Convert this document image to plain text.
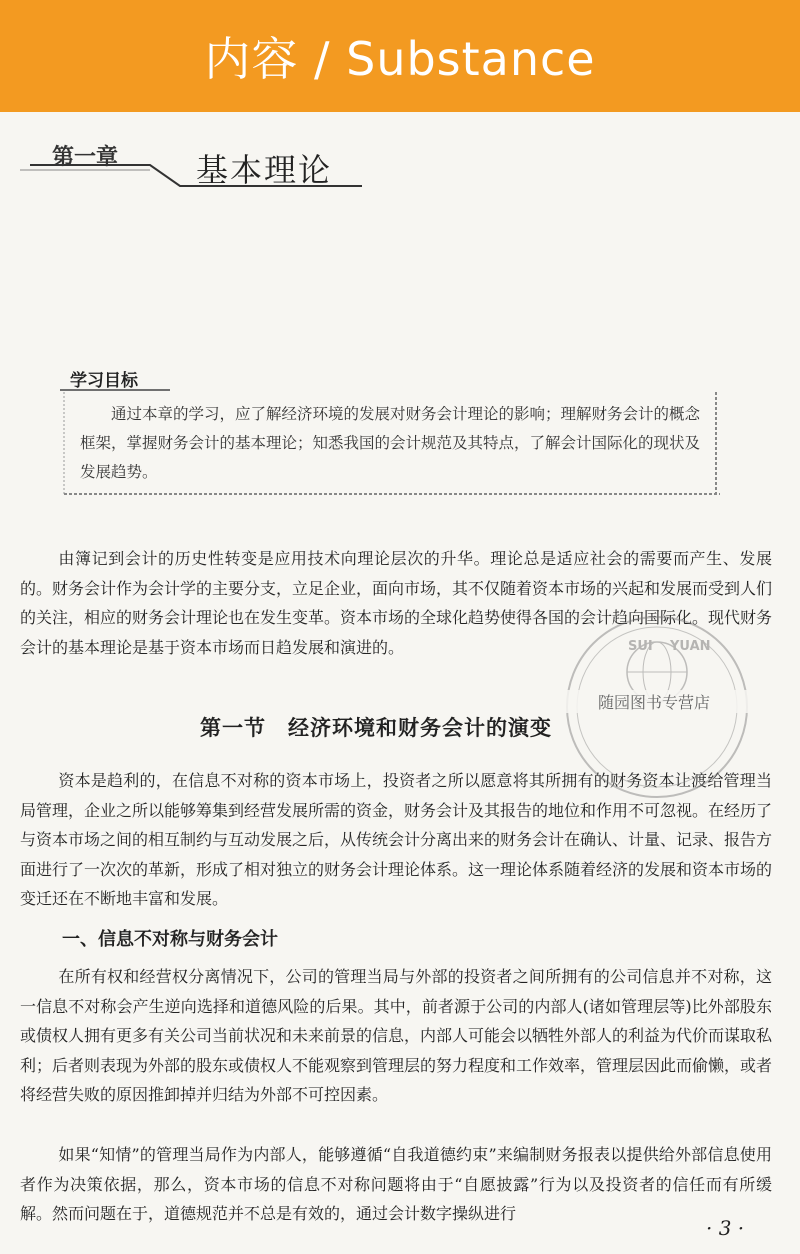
内容 / Substance
第一章 基本理论
学习目标
通过本章的学习，应了解经济环境的发展对财务会计理论的影响；理解财务会计的概念框架，掌握财务会计的基本理论；知悉我国的会计规范及其特点，了解会计国际化的现状及发展趋势。
由簿记到会计的历史性转变是应用技术向理论层次的升华。理论总是适应社会的需要而产生、发展的。财务会计作为会计学的主要分支，立足企业，面向市场，其不仅随着资本市场的兴起和发展而受到人们的关注，相应的财务会计理论也在发生变革。资本市场的全球化趋势使得各国的会计趋向国际化。现代财务会计的基本理论是基于资本市场而日趋发展和演进的。
第一节　经济环境和财务会计的演变
资本是趋利的，在信息不对称的资本市场上，投资者之所以愿意将其所拥有的财务资本让渡给管理当局管理，企业之所以能够筹集到经营发展所需的资金，财务会计及其报告的地位和作用不可忽视。在经历了与资本市场之间的相互制约与互动发展之后，从传统会计分离出来的财务会计在确认、计量、记录、报告方面进行了一次次的革新，形成了相对独立的财务会计理论体系。这一理论体系随着经济的发展和资本市场的变迁还在不断地丰富和发展。
一、信息不对称与财务会计
在所有权和经营权分离情况下，公司的管理当局与外部的投资者之间所拥有的公司信息并不对称，这一信息不对称会产生逆向选择和道德风险的后果。其中，前者源于公司的内部人(诸如管理层等)比外部股东或债权人拥有更多有关公司当前状况和未来前景的信息，内部人可能会以牺牲外部人的利益为代价而谋取私利；后者则表现为外部的股东或债权人不能观察到管理层的努力程度和工作效率，管理层因此而偷懒，或者将经营失败的原因推卸掉并归结为外部不可控因素。
如果“知情”的管理当局作为内部人，能够遵循“自我道德约束”来编制财务报表以提供给外部信息使用者作为决策依据，那么，资本市场的信息不对称问题将由于“自愿披露”行为以及投资者的信任而有所缓解。然而问题在于，道德规范并不总是有效的，通过会计数字操纵进行
SUI YUAN
随园图书专营店
· 3 ·
